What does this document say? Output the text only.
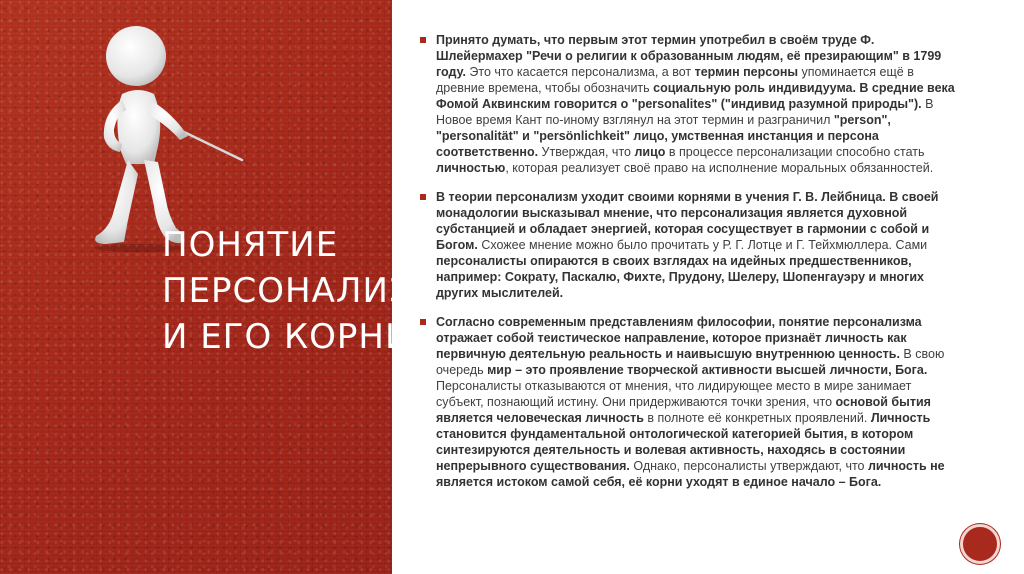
ПОНЯТИЕ
ПЕРСОНАЛИЗМ
И ЕГО КОРНИ

Принято думать, что первым этот термин употребил в своём труде Ф. Шлейермахер "Речи о религии к образованным людям, её презирающим" в 1799 году. Это что касается персонализма, а вот термин персоны упоминается ещё в древние времена, чтобы обозначить социальную роль индивидуума. В средние века Фомой Аквинским говорится о "personalites" ("индивид разумной природы"). В Новое время Кант по-иному взглянул на этот термин и разграничил "person", "personalität" и "persönlichkeit" лицо, умственная инстанция и персона соответственно. Утверждая, что лицо в процессе персонализации способно стать личностью, которая реализует своё право на исполнение моральных обязанностей.

В теории персонализм уходит своими корнями в учения Г. В. Лейбница. В своей монадологии высказывал мнение, что персонализация является духовной субстанцией и обладает энергией, которая сосуществует в гармонии с собой и Богом. Схожее мнение можно было прочитать у Р. Г. Лотце и Г. Тейхмюллера. Сами персоналисты опираются в своих взглядах на идейных предшественников, например: Сократу, Паскалю, Фихте, Прудону, Шелеру, Шопенгауэру и многих других мыслителей.

Согласно современным представлениям философии, понятие персонализма отражает собой теистическое направление, которое признаёт личность как первичную деятельную реальность и наивысшую внутреннюю ценность. В свою очередь мир – это проявление творческой активности высшей личности, Бога. Персоналисты отказываются от мнения, что лидирующее место в мире занимает субъект, познающий истину. Они придерживаются точки зрения, что основой бытия является человеческая личность в полноте её конкретных проявлений. Личность становится фундаментальной онтологической категорией бытия, в котором синтезируются деятельность и волевая активность, находясь в состоянии непрерывного существования. Однако, персоналисты утверждают, что личность не является истоком самой себя, её корни уходят в единое начало – Бога.
